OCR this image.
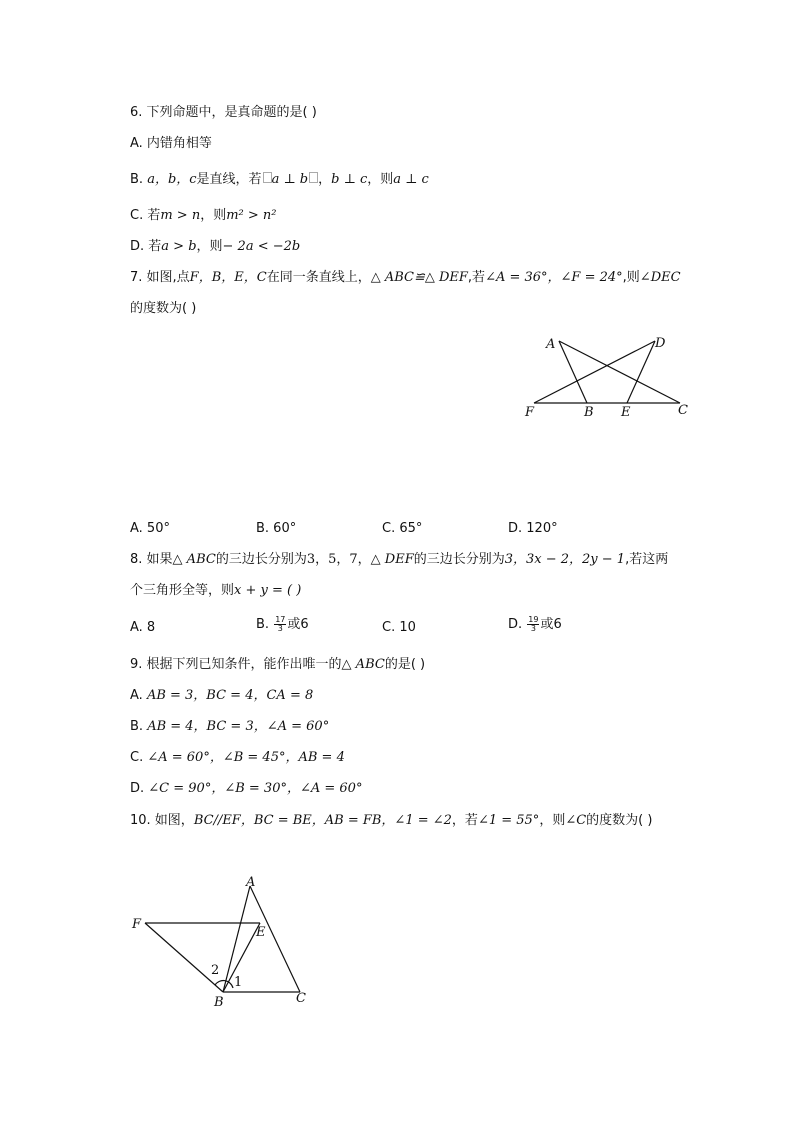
6. 下列命题中，是真命题的是( )
A. 内错角相等
B. a，b，c是直线，若 a ⊥ b ，b ⊥ c，则a ⊥ c
C. 若m > n，则m² > n²
D. 若a > b，则− 2a < −2b
7. 如图,点F，B，E，C在同一条直线上，△ ABC≌△ DEF,若∠A = 36°，∠F = 24°,则∠DEC
的度数为( )
A	D
F	B E	C
A. 50°	B. 60°	C. 65°	D. 120°
8. 如果△ ABC的三边长分别为3，5，7，△ DEF的三边长分别为3，3x − 2，2y − 1,若这两
个三角形全等，则x + y = ( )
A. 8	B. $\frac{17}{3}$ 或6	C. 10	D. $\frac{19}{3}$ 或6
9. 根据下列已知条件，能作出唯一的△ ABC的是( )
A. AB = 3，BC = 4，CA = 8
B. AB = 4，BC = 3，∠A = 60°
C. ∠A = 60°，∠B = 45°，AB = 4
D. ∠C = 90°，∠B = 30°，∠A = 60°
10. 如图，BC//EF，BC = BE，AB = FB，∠1 = ∠2，若∠1 = 55°，则∠C的度数为( )
A
F
E
B	C
1
2
